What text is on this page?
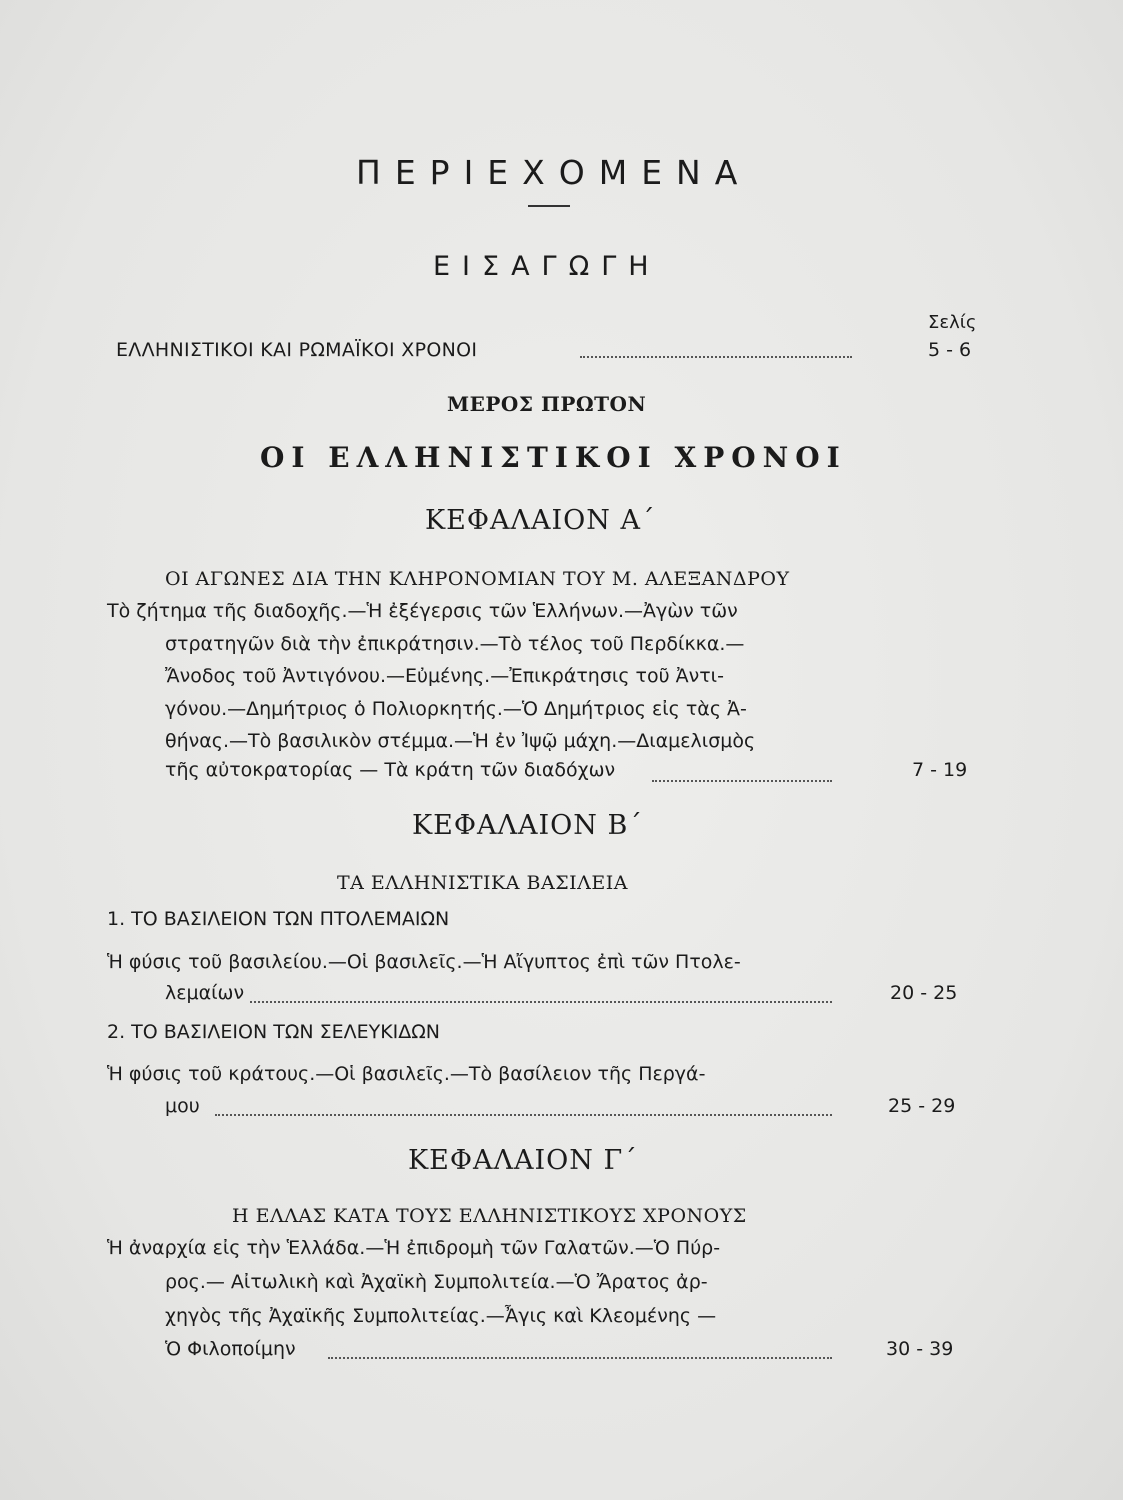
ΠΕΡΙΕΧΟΜΕΝΑ
ΕΙΣΑΓΩΓΗ
Σελίς
ΕΛΛΗΝΙΣΤΙΚΟΙ ΚΑΙ ΡΩΜΑΪΚΟΙ ΧΡΟΝΟΙ	5 - 6
ΜΕΡΟΣ ΠΡΩΤΟΝ
ΟΙ ΕΛΛΗΝΙΣΤΙΚΟΙ ΧΡΟΝΟΙ
ΚΕΦΑΛΑΙΟΝ Α΄
ΟΙ ΑΓΩΝΕΣ ΔΙΑ ΤΗΝ ΚΛΗΡΟΝΟΜΙΑΝ ΤΟΥ Μ. ΑΛΕΞΑΝΔΡΟΥ
Τὸ ζήτημα τῆς διαδοχῆς.—Ἡ ἐξέγερσις τῶν Ἑλλήνων.—Ἀγὼν τῶν
στρατηγῶν διὰ τὴν ἐπικράτησιν.—Τὸ τέλος τοῦ Περδίκκα.—
Ἄνοδος τοῦ Ἀντιγόνου.—Εὐμένης.—Ἐπικράτησις τοῦ Ἀντι-
γόνου.—Δημήτριος ὁ Πολιορκητής.—Ὁ Δημήτριος εἰς τὰς Ἀ-
θήνας.—Τὸ βασιλικὸν στέμμα.—Ἡ ἐν Ἰψῷ μάχη.—Διαμελισμὸς
τῆς αὐτοκρατορίας — Τὰ κράτη τῶν διαδόχων	7 - 19
ΚΕΦΑΛΑΙΟΝ Β΄
ΤΑ ΕΛΛΗΝΙΣΤΙΚΑ ΒΑΣΙΛΕΙΑ
1. ΤΟ ΒΑΣΙΛΕΙΟΝ ΤΩΝ ΠΤΟΛΕΜΑΙΩΝ
Ἡ φύσις τοῦ βασιλείου.—Οἱ βασιλεῖς.—Ἡ Αἴγυπτος ἐπὶ τῶν Πτολε-
λεμαίων	20 - 25
2. ΤΟ ΒΑΣΙΛΕΙΟΝ ΤΩΝ ΣΕΛΕΥΚΙΔΩΝ
Ἡ φύσις τοῦ κράτους.—Οἱ βασιλεῖς.—Τὸ βασίλειον τῆς Περγά-
μου	25 - 29
ΚΕΦΑΛΑΙΟΝ Γ΄
Η ΕΛΛΑΣ ΚΑΤΑ ΤΟΥΣ ΕΛΛΗΝΙΣΤΙΚΟΥΣ ΧΡΟΝΟΥΣ
Ἡ ἀναρχία εἰς τὴν Ἑλλάδα.—Ἡ ἐπιδρομὴ τῶν Γαλατῶν.—Ὁ Πύρ-
ρος.— Αἰτωλικὴ καὶ Ἀχαϊκὴ Συμπολιτεία.—Ὁ Ἄρατος ἀρ-
χηγὸς τῆς Ἀχαϊκῆς Συμπολιτείας.—Ἆγις καὶ Κλεομένης —
Ὁ Φιλοποίμην	30 - 39
